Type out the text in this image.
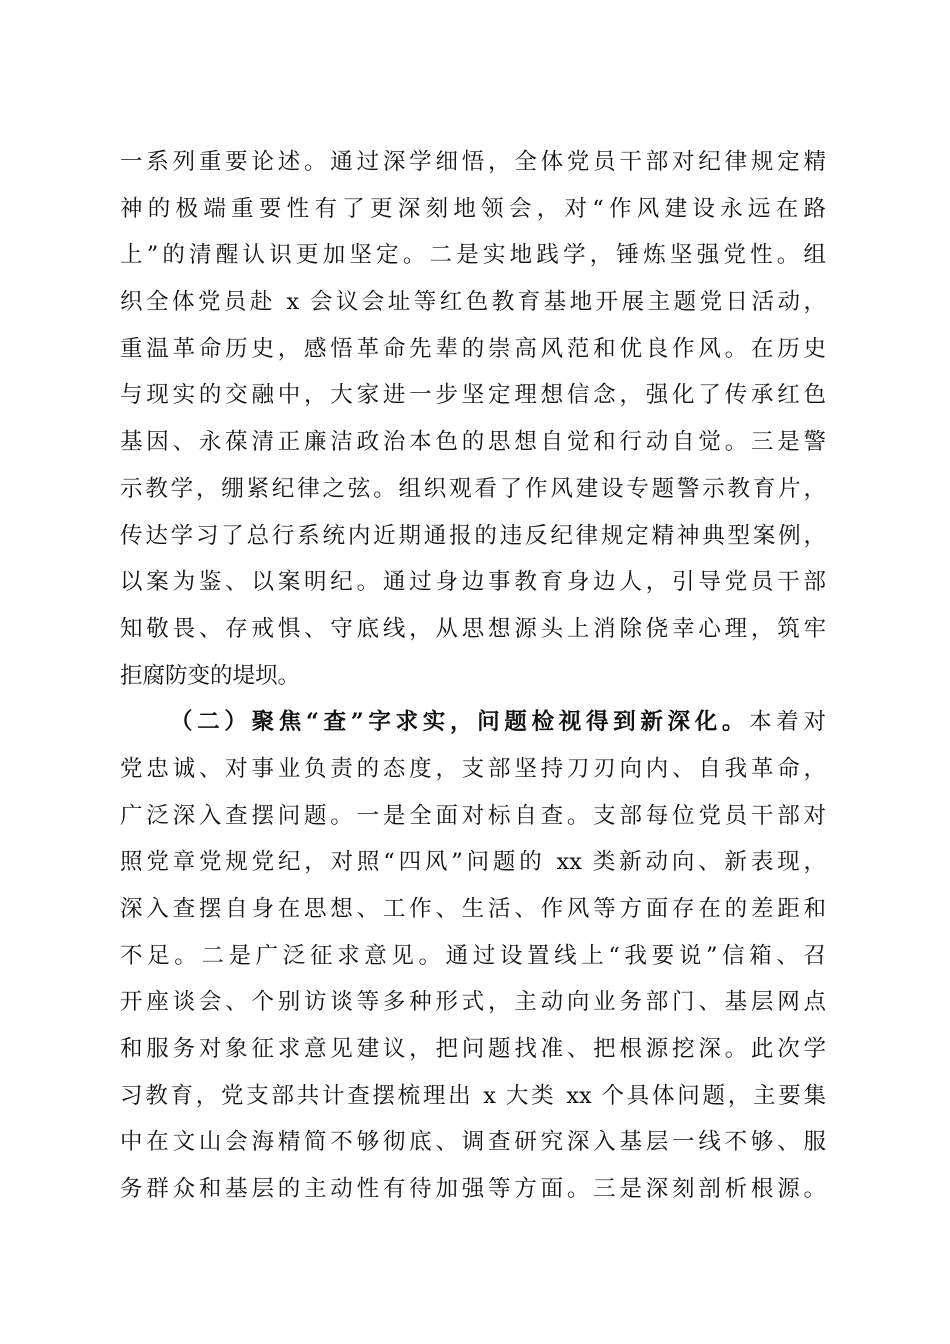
一系列重要论述。通过深学细悟，全体党员干部对纪律规定精
神的极端重要性有了更深刻地领会，对“作风建设永远在路
上”的清醒认识更加坚定。二是实地践学，锤炼坚强党性。组
织全体党员赴 x 会议会址等红色教育基地开展主题党日活动，
重温革命历史，感悟革命先辈的崇高风范和优良作风。在历史
与现实的交融中，大家进一步坚定理想信念，强化了传承红色
基因、永葆清正廉洁政治本色的思想自觉和行动自觉。三是警
示教学，绷紧纪律之弦。组织观看了作风建设专题警示教育片，
传达学习了总行系统内近期通报的违反纪律规定精神典型案例，
以案为鉴、以案明纪。通过身边事教育身边人，引导党员干部
知敬畏、存戒惧、守底线，从思想源头上消除侥幸心理，筑牢
拒腐防变的堤坝。
（二）聚焦“查”字求实，问题检视得到新深化。本着对
党忠诚、对事业负责的态度，支部坚持刀刃向内、自我革命，
广泛深入查摆问题。一是全面对标自查。支部每位党员干部对
照党章党规党纪，对照“四风”问题的 xx 类新动向、新表现，
深入查摆自身在思想、工作、生活、作风等方面存在的差距和
不足。二是广泛征求意见。通过设置线上“我要说”信箱、召
开座谈会、个别访谈等多种形式，主动向业务部门、基层网点
和服务对象征求意见建议，把问题找准、把根源挖深。此次学
习教育，党支部共计查摆梳理出 x 大类 xx 个具体问题，主要集
中在文山会海精简不够彻底、调查研究深入基层一线不够、服
务群众和基层的主动性有待加强等方面。三是深刻剖析根源。
